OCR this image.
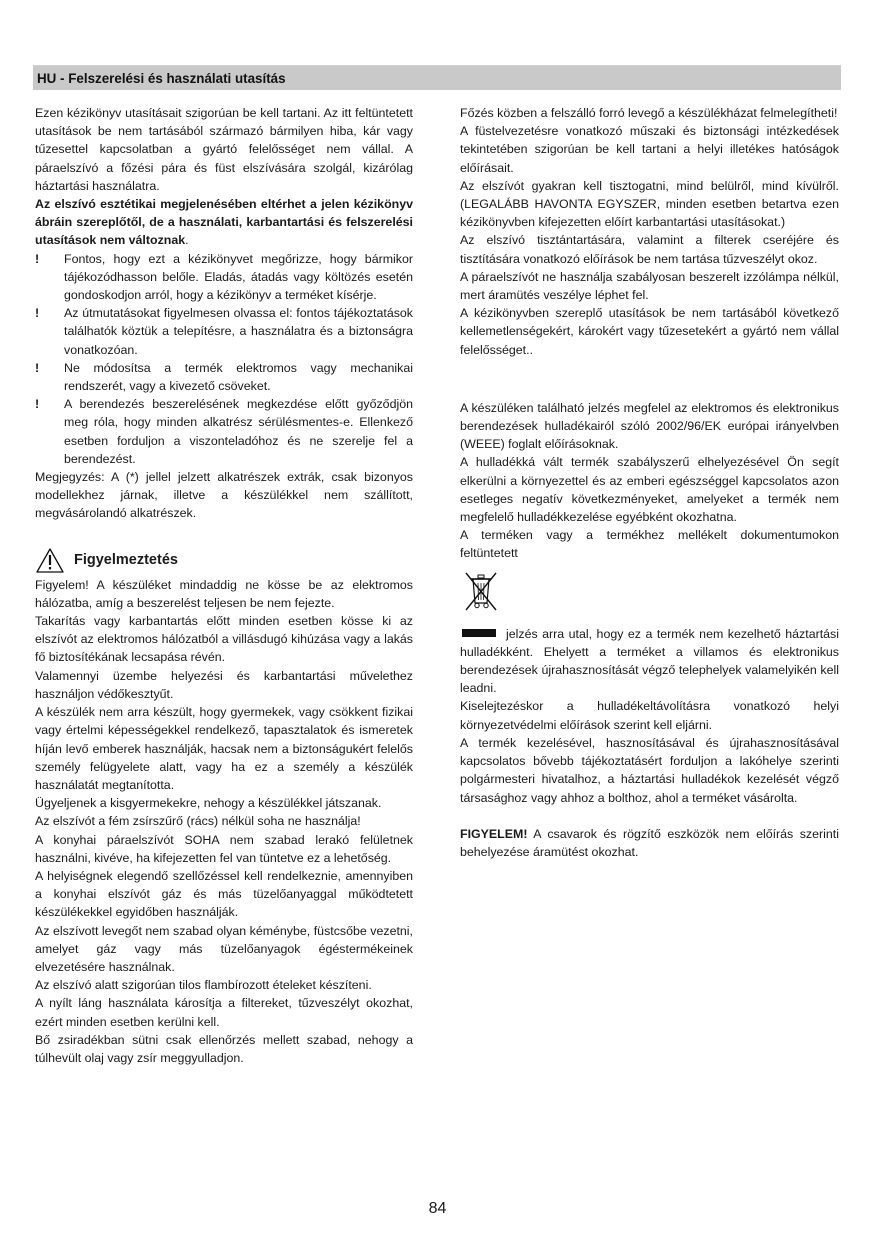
HU - Felszerelési és használati utasítás

Ezen kézikönyv utasításait szigorúan be kell tartani. Az itt feltüntetett utasítások be nem tartásából származó bármilyen hiba, kár vagy tűzesettel kapcsolatban a gyártó felelősséget nem vállal. A páraelszívó a főzési pára és füst elszívására szolgál, kizárólag háztartási használatra.

Az elszívó esztétikai megjelenésében eltérhet a jelen kézikönyv ábráin szereplőtől, de a használati, karbantartási és felszerelési utasítások nem változnak.

! Fontos, hogy ezt a kézikönyvet megőrizze, hogy bármikor tájékozódhasson belőle. Eladás, átadás vagy költözés esetén gondoskodjon arról, hogy a kézikönyv a terméket kísérje.
! Az útmutatásokat figyelmesen olvassa el: fontos tájékoztatások találhatók köztük a telepítésre, a használatra és a biztonságra vonatkozóan.
! Ne módosítsa a termék elektromos vagy mechanikai rendszerét, vagy a kivezető csöveket.
! A berendezés beszerelésének megkezdése előtt győződjön meg róla, hogy minden alkatrész sérülésmentes-e. Ellenkező esetben forduljon a viszonteladóhoz és ne szerelje fel a berendezést.

Megjegyzés: A (*) jellel jelzett alkatrészek extrák, csak bizonyos modellekhez járnak, illetve a készülékkel nem szállított, megvásárolandó alkatrészek.

Figyelmeztetés

Figyelem! A készüléket mindaddig ne kösse be az elektromos hálózatba, amíg a beszerelést teljesen be nem fejezte.

Takarítás vagy karbantartás előtt minden esetben kösse ki az elszívót az elektromos hálózatból a villásdugó kihúzása vagy a lakás fő biztosítékának lecsapása révén.

Valamennyi üzembe helyezési és karbantartási művelethez használjon védőkesztyűt.

A készülék nem arra készült, hogy gyermekek, vagy csökkent fizikai vagy értelmi képességekkel rendelkező, tapasztalatok és ismeretek híján levő emberek használják, hacsak nem a biztonságukért felelős személy felügyelete alatt, vagy ha ez a személy a készülék használatát megtanította.

Ügyeljenek a kisgyermekekre, nehogy a készülékkel játszanak.

Az elszívót a fém zsírszűrő (rács) nélkül soha ne használja!

A konyhai páraelszívót SOHA nem szabad lerakó felületnek használni, kivéve, ha kifejezetten fel van tüntetve ez a lehetőség.

A helyiségnek elegendő szellőzéssel kell rendelkeznie, amennyiben a konyhai elszívót gáz és más tüzelőanyaggal működtetett készülékekkel egyidőben használják.

Az elszívott levegőt nem szabad olyan kéménybe, füstcsőbe vezetni, amelyet gáz vagy más tüzelőanyagok égéstermékeinek elvezetésére használnak.

Az elszívó alatt szigorúan tilos flambírozott ételeket készíteni.

A nyílt láng használata károsítja a filtereket, tűzveszélyt okozhat, ezért minden esetben kerülni kell.

Bő zsiradékban sütni csak ellenőrzés mellett szabad, nehogy a túlhevült olaj vagy zsír meggyulladjon.

Főzés közben a felszálló forró levegő a készülékházat felmelegítheti!

A füstelvezetésre vonatkozó műszaki és biztonsági intézkedések tekintetében szigorúan be kell tartani a helyi illetékes hatóságok előírásait.

Az elszívót gyakran kell tisztogatni, mind belülről, mind kívülről. (LEGALÁBB HAVONTA EGYSZER, minden esetben betartva ezen kézikönyvben kifejezetten előírt karbantartási utasításokat.)

Az elszívó tisztántartására, valamint a filterek cseréjére és tisztítására vonatkozó előírások be nem tartása tűzveszélyt okoz.

A páraelszívót ne használja szabályosan beszerelt izzólámpa nélkül, mert áramütés veszélye léphet fel.

A kézikönyvben szereplő utasítások be nem tartásából következő kellemetlenségekért, károkért vagy tűzesetekért a gyártó nem vállal felelősséget..

A készüléken található jelzés megfelel az elektromos és elektronikus berendezések hulladékairól szóló 2002/96/EK európai irányelvben (WEEE) foglalt előírásoknak.

A hulladékká vált termék szabályszerű elhelyezésével Ön segít elkerülni a környezettel és az emberi egészséggel kapcsolatos azon esetleges negatív következményeket, amelyeket a termék nem megfelelő hulladékkezelése egyébként okozhatna.

A terméken vagy a termékhez mellékelt dokumentumokon feltüntetett

jelzés arra utal, hogy ez a termék nem kezelhető háztartási hulladékként. Ehelyett a terméket a villamos és elektronikus berendezések újrahasznosítását végző telephelyek valamelyikén kell leadni.

Kiselejtezéskor a hulladékeltávolításra vonatkozó helyi környezetvédelmi előírások szerint kell eljárni.

A termék kezelésével, hasznosításával és újrahasznosításával kapcsolatos bővebb tájékoztatásért forduljon a lakóhelye szerinti polgármesteri hivatalhoz, a háztartási hulladékok kezelését végző társasághoz vagy ahhoz a bolthoz, ahol a terméket vásárolta.

FIGYELEM! A csavarok és rögzítő eszközök nem előírás szerinti behelyezése áramütést okozhat.

84
